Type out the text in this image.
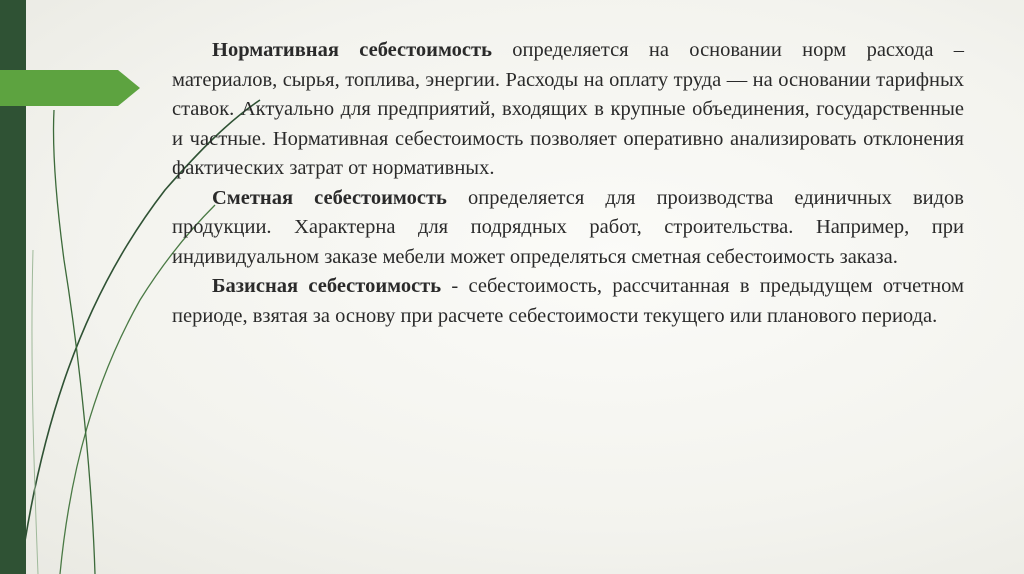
Нормативная себестоимость определяется на основании норм расхода – материалов, сырья, топлива, энергии. Расходы на оплату труда — на основании тарифных ставок. Актуально для предприятий, входящих в крупные объединения, государственные и частные. Нормативная себестоимость позволяет оперативно анализировать отклонения фактических затрат от нормативных.

Сметная себестоимость определяется для производства единичных видов продукции. Характерна для подрядных работ, строительства. Например, при индивидуальном заказе мебели может определяться сметная себестоимость заказа.

Базисная себестоимость - себестоимость, рассчитанная в предыдущем отчетном периоде, взятая за основу при расчете себестоимости текущего или планового периода.
